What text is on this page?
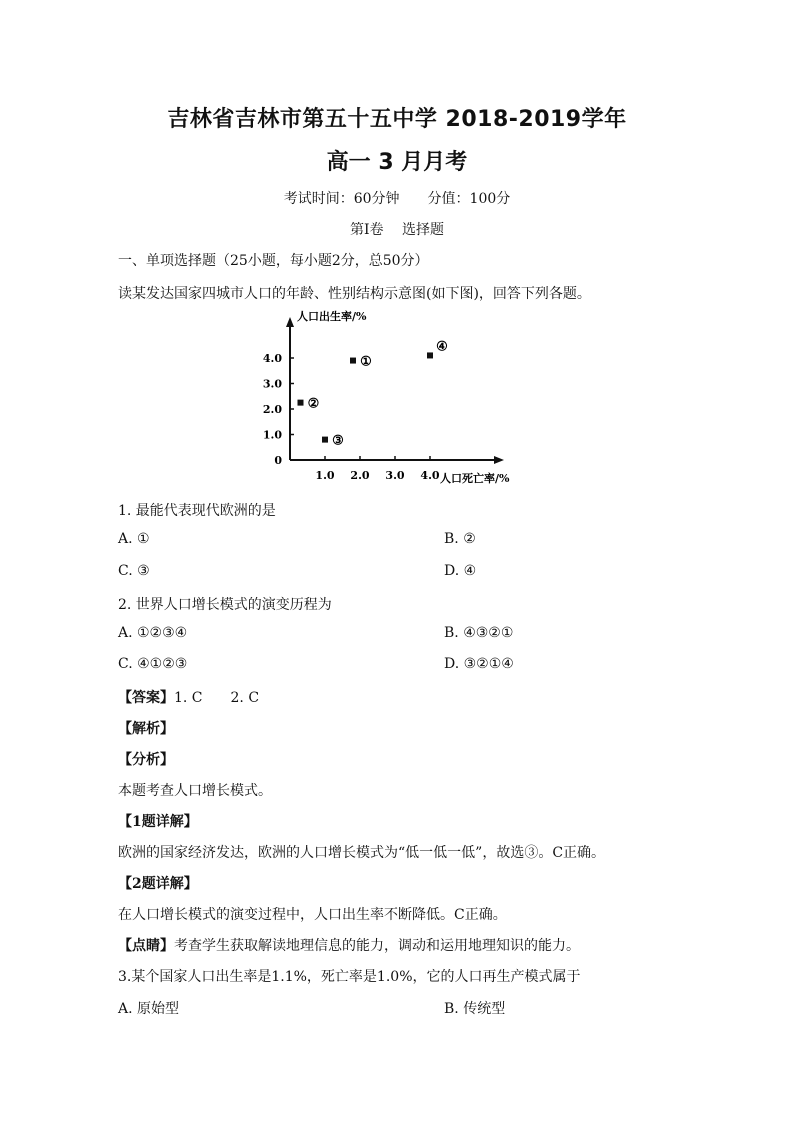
吉林省吉林市第五十五中学 2018-2019学年
高一 3 月月考
考试时间：60分钟　　分值：100分
第Ⅰ卷　 选择题
一、单项选择题（25小题，每小题2分，总50分）
读某发达国家四城市人口的年龄、性别结构示意图(如下图)，回答下列各题。
人口出生率/%
人口死亡率/%
0
1.0
2.0
3.0
4.0
1.0 2.0 3.0 4.0
①
②
③
④
1. 最能代表现代欧洲的是
A. ①	B. ②
C. ③	D. ④
2. 世界人口增长模式的演变历程为
A. ①②③④	B. ④③②①
C. ④①②③	D. ③②①④
【答案】1. C　　2. C
【解析】
【分析】
本题考查人口增长模式。
【1题详解】
欧洲的国家经济发达，欧洲的人口增长模式为“低一低一低”，故选③。C正确。
【2题详解】
在人口增长模式的演变过程中，人口出生率不断降低。C正确。
【点睛】考查学生获取解读地理信息的能力，调动和运用地理知识的能力。
3.某个国家人口出生率是1.1%，死亡率是1.0%，它的人口再生产模式属于
A. 原始型	B. 传统型
